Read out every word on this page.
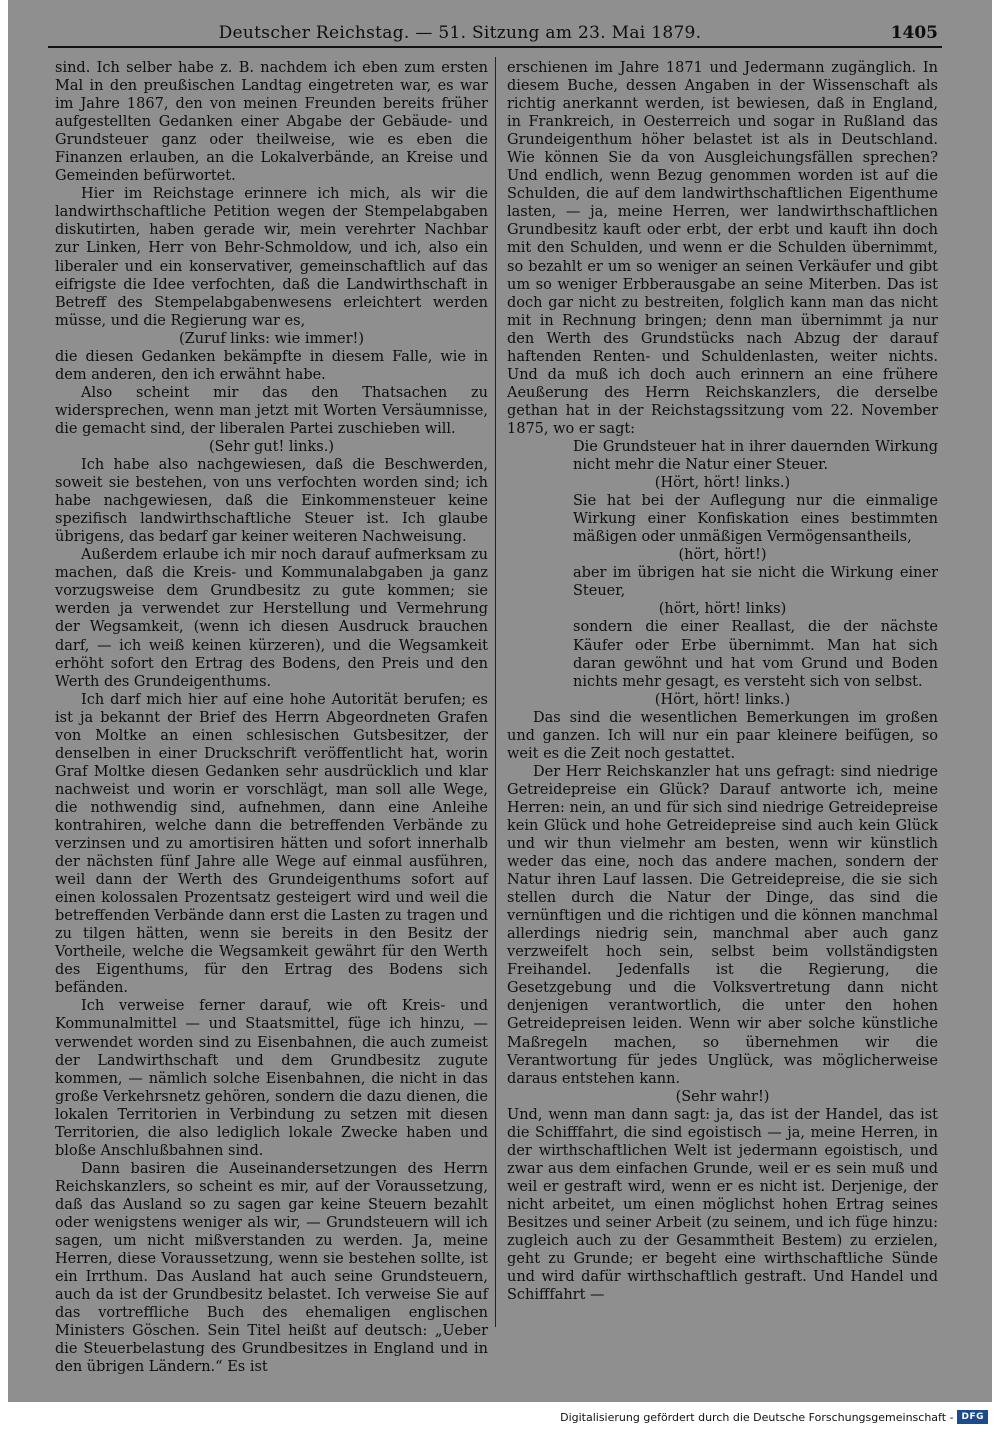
Deutscher Reichstag. — 51. Sitzung am 23. Mai 1879.	1405

sind. Ich selber habe z. B. nachdem ich eben zum ersten Mal in den preußischen Landtag eingetreten war, es war im Jahre 1867, den von meinen Freunden bereits früher aufgestellten Gedanken einer Abgabe der Gebäude- und Grundsteuer ganz oder theilweise, wie es eben die Finanzen erlauben, an die Lokalverbände, an Kreise und Gemeinden befürwortet.

Hier im Reichstage erinnere ich mich, als wir die landwirthschaftliche Petition wegen der Stempelabgaben diskutirten, haben gerade wir, mein verehrter Nachbar zur Linken, Herr von Behr-Schmoldow, und ich, also ein liberaler und ein konservativer, gemeinschaftlich auf das eifrigste die Idee verfochten, daß die Landwirthschaft in Betreff des Stempelabgabenwesens erleichtert werden müsse, und die Regierung war es,

(Zuruf links: wie immer!)

die diesen Gedanken bekämpfte in diesem Falle, wie in dem anderen, den ich erwähnt habe.

Also scheint mir das den Thatsachen zu widersprechen, wenn man jetzt mit Worten Versäumnisse, die gemacht sind, der liberalen Partei zuschieben will.

(Sehr gut! links.)

Ich habe also nachgewiesen, daß die Beschwerden, soweit sie bestehen, von uns verfochten worden sind; ich habe nachgewiesen, daß die Einkommensteuer keine spezifisch landwirthschaftliche Steuer ist. Ich glaube übrigens, das bedarf gar keiner weiteren Nachweisung.

Außerdem erlaube ich mir noch darauf aufmerksam zu machen, daß die Kreis- und Kommunalabgaben ja ganz vorzugsweise dem Grundbesitz zu gute kommen; sie werden ja verwendet zur Herstellung und Vermehrung der Wegsamkeit, (wenn ich diesen Ausdruck brauchen darf, — ich weiß keinen kürzeren), und die Wegsamkeit erhöht sofort den Ertrag des Bodens, den Preis und den Werth des Grundeigenthums.

Ich darf mich hier auf eine hohe Autorität berufen; es ist ja bekannt der Brief des Herrn Abgeordneten Grafen von Moltke an einen schlesischen Gutsbesitzer, der denselben in einer Druckschrift veröffentlicht hat, worin Graf Moltke diesen Gedanken sehr ausdrücklich und klar nachweist und worin er vorschlägt, man soll alle Wege, die nothwendig sind, aufnehmen, dann eine Anleihe kontrahiren, welche dann die betreffenden Verbände zu verzinsen und zu amortisiren hätten und sofort innerhalb der nächsten fünf Jahre alle Wege auf einmal ausführen, weil dann der Werth des Grundeigenthums sofort auf einen kolossalen Prozentsatz gesteigert wird und weil die betreffenden Verbände dann erst die Lasten zu tragen und zu tilgen hätten, wenn sie bereits in den Besitz der Vortheile, welche die Wegsamkeit gewährt für den Werth des Eigenthums, für den Ertrag des Bodens sich befänden.

Ich verweise ferner darauf, wie oft Kreis- und Kommunalmittel — und Staatsmittel, füge ich hinzu, — verwendet worden sind zu Eisenbahnen, die auch zumeist der Landwirthschaft und dem Grundbesitz zugute kommen, — nämlich solche Eisenbahnen, die nicht in das große Verkehrsnetz gehören, sondern die dazu dienen, die lokalen Territorien in Verbindung zu setzen mit diesen Territorien, die also lediglich lokale Zwecke haben und bloße Anschlußbahnen sind.

Dann basiren die Auseinandersetzungen des Herrn Reichskanzlers, so scheint es mir, auf der Voraussetzung, daß das Ausland so zu sagen gar keine Steuern bezahlt oder wenigstens weniger als wir, — Grundsteuern will ich sagen, um nicht mißverstanden zu werden. Ja, meine Herren, diese Voraussetzung, wenn sie bestehen sollte, ist ein Irrthum. Das Ausland hat auch seine Grundsteuern, auch da ist der Grundbesitz belastet. Ich verweise Sie auf das vortreffliche Buch des ehemaligen englischen Ministers Göschen. Sein Titel heißt auf deutsch: „Ueber die Steuerbelastung des Grundbesitzes in England und in den übrigen Ländern.“ Es ist

erschienen im Jahre 1871 und Jedermann zugänglich. In diesem Buche, dessen Angaben in der Wissenschaft als richtig anerkannt werden, ist bewiesen, daß in England, in Frankreich, in Oesterreich und sogar in Rußland das Grundeigenthum höher belastet ist als in Deutschland. Wie können Sie da von Ausgleichungsfällen sprechen? Und endlich, wenn Bezug genommen worden ist auf die Schulden, die auf dem landwirthschaftlichen Eigenthume lasten, — ja, meine Herren, wer landwirthschaftlichen Grundbesitz kauft oder erbt, der erbt und kauft ihn doch mit den Schulden, und wenn er die Schulden übernimmt, so bezahlt er um so weniger an seinen Verkäufer und gibt um so weniger Erbberausgabe an seine Miterben. Das ist doch gar nicht zu bestreiten, folglich kann man das nicht mit in Rechnung bringen; denn man übernimmt ja nur den Werth des Grundstücks nach Abzug der darauf haftenden Renten- und Schuldenlasten, weiter nichts. Und da muß ich doch auch erinnern an eine frühere Aeußerung des Herrn Reichskanzlers, die derselbe gethan hat in der Reichstagssitzung vom 22. November 1875, wo er sagt:

Die Grundsteuer hat in ihrer dauernden Wirkung nicht mehr die Natur einer Steuer.

(Hört, hört! links.)

Sie hat bei der Auflegung nur die einmalige Wirkung einer Konfiskation eines bestimmten mäßigen oder unmäßigen Vermögensantheils,

(hört, hört!)

aber im übrigen hat sie nicht die Wirkung einer Steuer,

(hört, hört! links)

sondern die einer Reallast, die der nächste Käufer oder Erbe übernimmt. Man hat sich daran gewöhnt und hat vom Grund und Boden nichts mehr gesagt, es versteht sich von selbst.

(Hört, hört! links.)

Das sind die wesentlichen Bemerkungen im großen und ganzen. Ich will nur ein paar kleinere beifügen, so weit es die Zeit noch gestattet.

Der Herr Reichskanzler hat uns gefragt: sind niedrige Getreidepreise ein Glück? Darauf antworte ich, meine Herren: nein, an und für sich sind niedrige Getreidepreise kein Glück und hohe Getreidepreise sind auch kein Glück und wir thun vielmehr am besten, wenn wir künstlich weder das eine, noch das andere machen, sondern der Natur ihren Lauf lassen. Die Getreidepreise, die sie sich stellen durch die Natur der Dinge, das sind die vernünftigen und die richtigen und die können manchmal allerdings niedrig sein, manchmal aber auch ganz verzweifelt hoch sein, selbst beim vollständigsten Freihandel. Jedenfalls ist die Regierung, die Gesetzgebung und die Volksvertretung dann nicht denjenigen verantwortlich, die unter den hohen Getreidepreisen leiden. Wenn wir aber solche künstliche Maßregeln machen, so übernehmen wir die Verantwortung für jedes Unglück, was möglicherweise daraus entstehen kann.

(Sehr wahr!)

Und, wenn man dann sagt: ja, das ist der Handel, das ist die Schifffahrt, die sind egoistisch — ja, meine Herren, in der wirthschaftlichen Welt ist jedermann egoistisch, und zwar aus dem einfachen Grunde, weil er es sein muß und weil er gestraft wird, wenn er es nicht ist. Derjenige, der nicht arbeitet, um einen möglichst hohen Ertrag seines Besitzes und seiner Arbeit (zu seinem, und ich füge hinzu: zugleich auch zu der Gesammtheit Bestem) zu erzielen, geht zu Grunde; er begeht eine wirthschaftliche Sünde und wird dafür wirthschaftlich gestraft. Und Handel und Schifffahrt —

Digitalisierung gefördert durch die Deutsche Forschungsgemeinschaft - DFG
